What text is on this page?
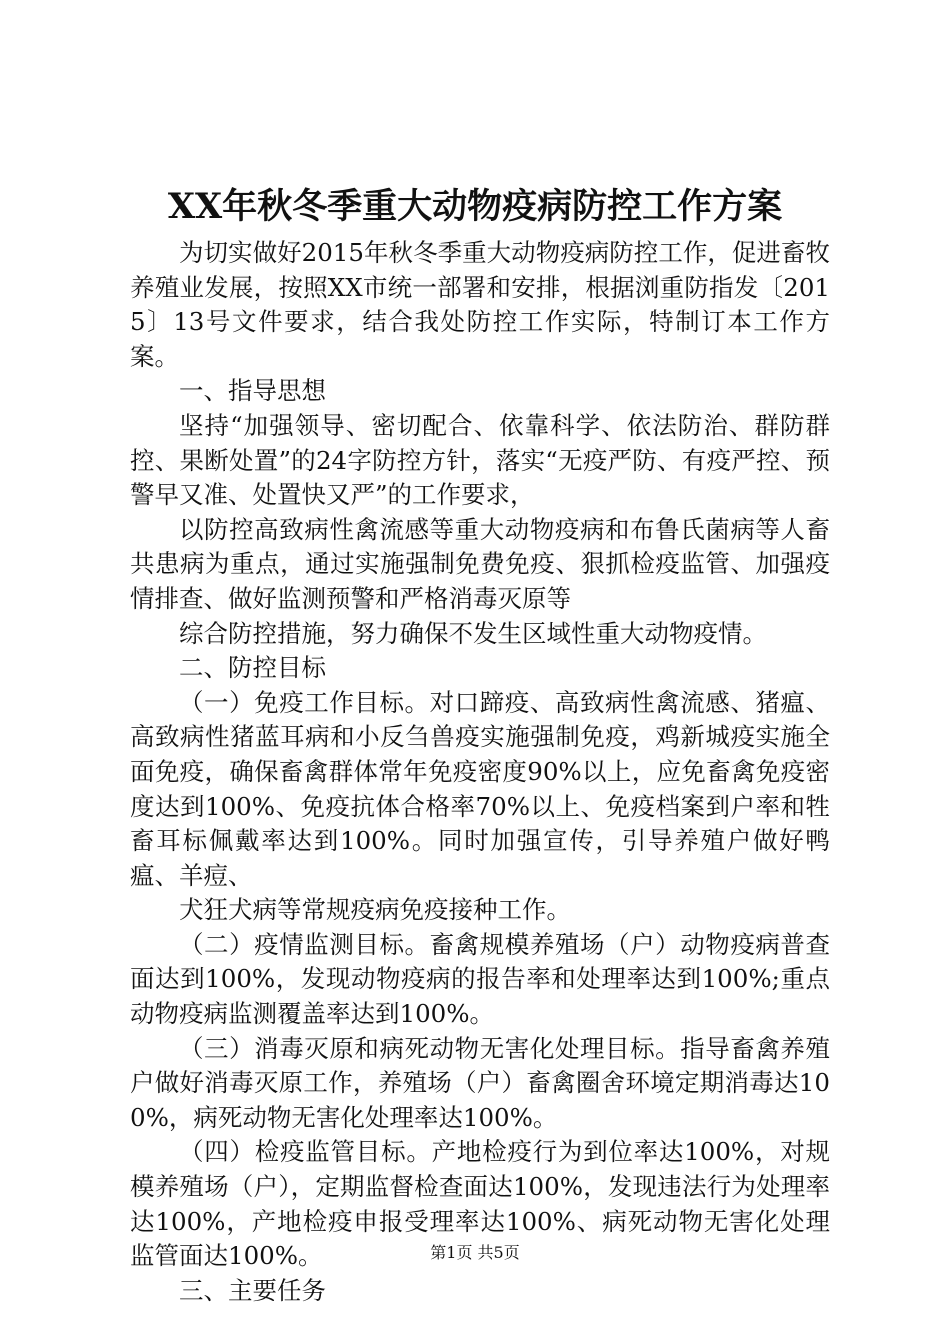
XX年秋冬季重大动物疫病防控工作方案

为切实做好2015年秋冬季重大动物疫病防控工作，促进畜牧养殖业发展，按照XX市统一部署和安排，根据浏重防指发〔2015〕13号文件要求，结合我处防控工作实际，特制订本工作方案。

一、指导思想

坚持“加强领导、密切配合、依靠科学、依法防治、群防群控、果断处置”的24字防控方针，落实“无疫严防、有疫严控、预警早又准、处置快又严”的工作要求，

以防控高致病性禽流感等重大动物疫病和布鲁氏菌病等人畜共患病为重点，通过实施强制免费免疫、狠抓检疫监管、加强疫情排查、做好监测预警和严格消毒灭原等

综合防控措施，努力确保不发生区域性重大动物疫情。

二、防控目标

（一）免疫工作目标。对口蹄疫、高致病性禽流感、猪瘟、高致病性猪蓝耳病和小反刍兽疫实施强制免疫，鸡新城疫实施全面免疫，确保畜禽群体常年免疫密度90%以上，应免畜禽免疫密度达到100%、免疫抗体合格率70%以上、免疫档案到户率和牲畜耳标佩戴率达到100%。同时加强宣传，引导养殖户做好鸭瘟、羊痘、

犬狂犬病等常规疫病免疫接种工作。

（二）疫情监测目标。畜禽规模养殖场（户）动物疫病普查面达到100%，发现动物疫病的报告率和处理率达到100%;重点动物疫病监测覆盖率达到100%。

（三）消毒灭原和病死动物无害化处理目标。指导畜禽养殖户做好消毒灭原工作，养殖场（户）畜禽圈舍环境定期消毒达100%，病死动物无害化处理率达100%。

（四）检疫监管目标。产地检疫行为到位率达100%，对规模养殖场（户），定期监督检查面达100%，发现违法行为处理率达100%，产地检疫申报受理率达100%、病死动物无害化处理监管面达100%。

三、主要任务

第1页 共5页
